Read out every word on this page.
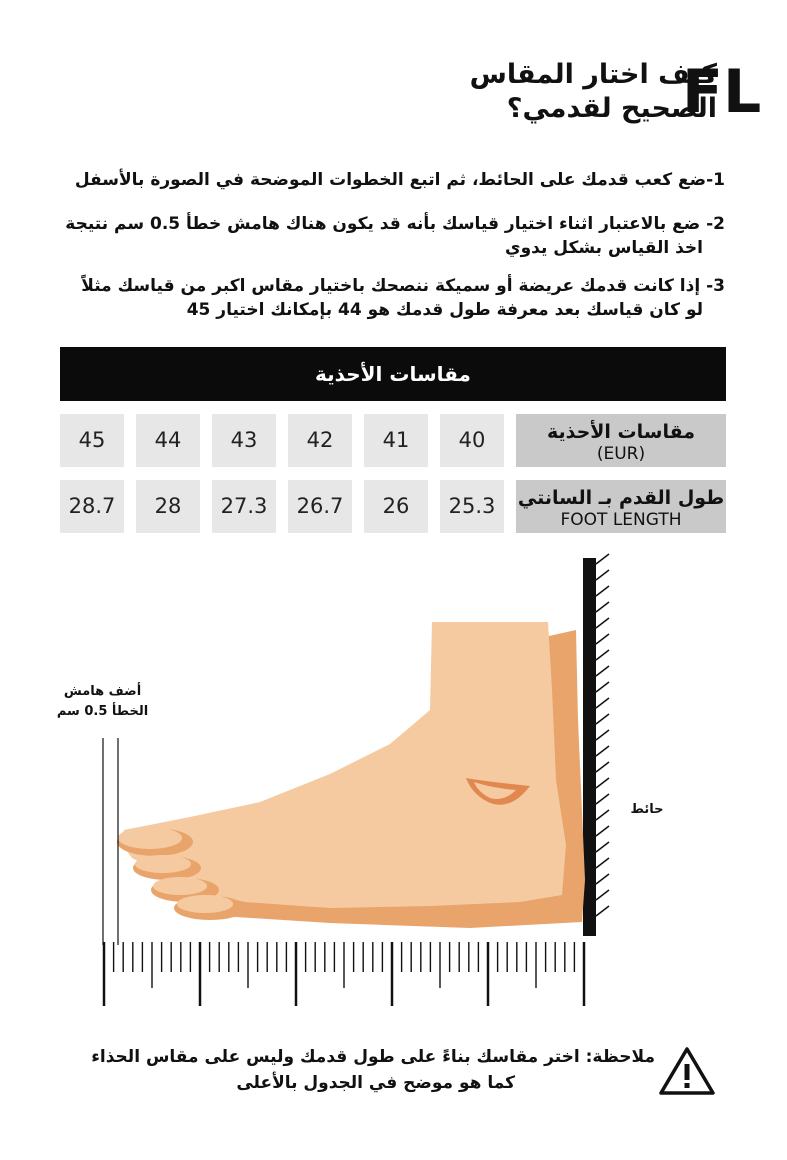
FL
كيف اختار المقاس
الصحيح لقدمي؟
1-ضع كعب قدمك على الحائط، ثم اتبع الخطوات الموضحة في الصورة بالأسفل
2- ضع بالاعتبار اثناء اختيار قياسك بأنه قد يكون هناك هامش خطأ 0.5 سم نتيجة
اخذ القياس بشكل يدوي
3- إذا كانت قدمك عريضة أو سميكة ننصحك باختيار مقاس اكبر من قياسك مثلاً
لو كان قياسك بعد معرفة طول قدمك هو 44 بإمكانك اختيار 45
مقاسات الأحذية
مقاسات الأحذية
(EUR)
40
41
42
43
44
45
طول القدم بـ السانتي
FOOT LENGTH
25.3
26
26.7
27.3
28
28.7
أضف هامش
الخطأ 0.5 سم
حائط
ملاحظة: اختر مقاسك بناءً على طول قدمك وليس على مقاس الحذاء
كما هو موضح في الجدول بالأعلى
